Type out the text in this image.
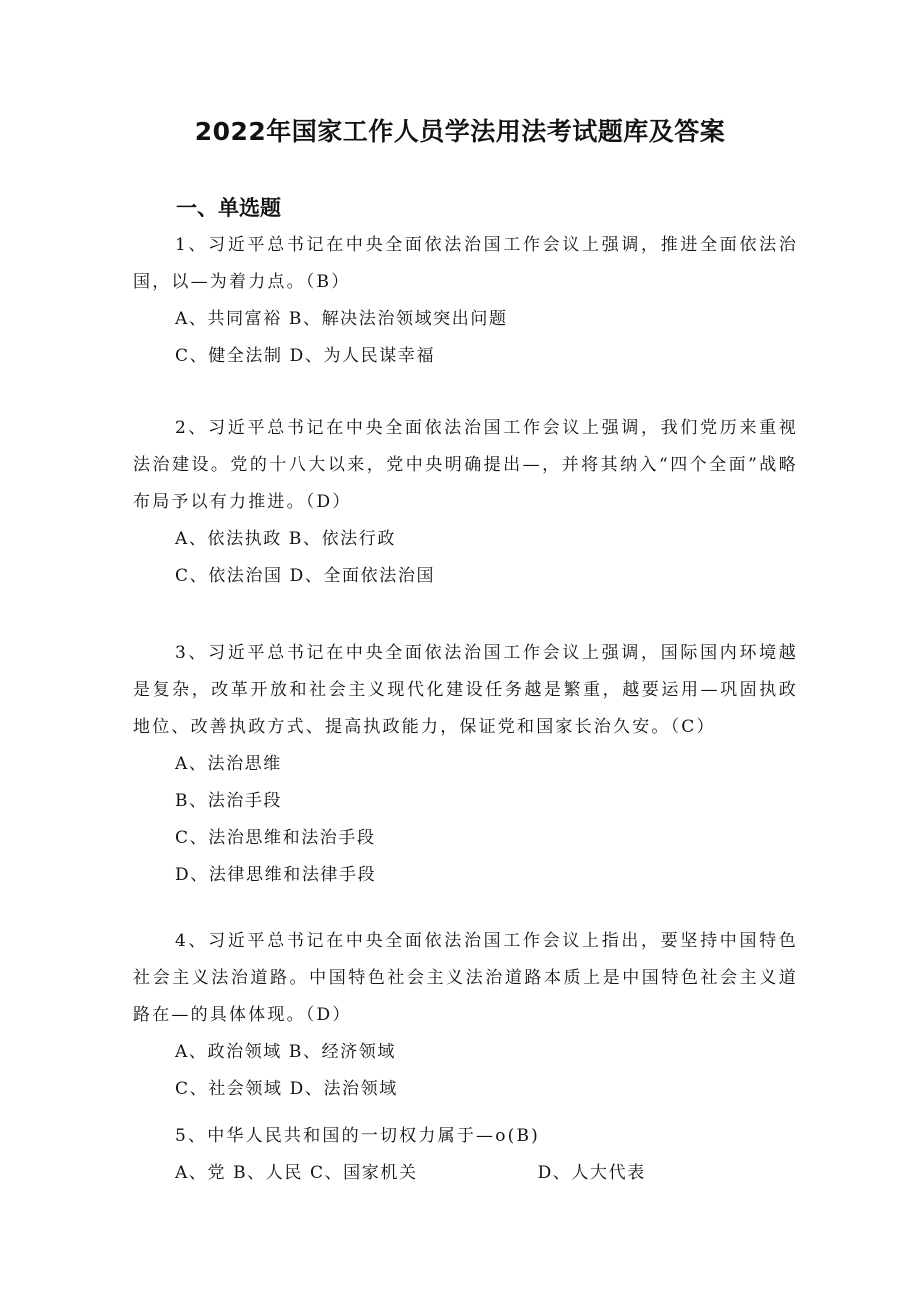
2022年国家工作人员学法用法考试题库及答案
一、单选题

1、习近平总书记在中央全面依法治国工作会议上强调，推进全面依法治国，以—为着力点。（B）

A、共同富裕 B、解决法治领域突出问题

C、健全法制 D、为人民谋幸福

2、习近平总书记在中央全面依法治国工作会议上强调，我们党历来重视法治建设。党的十八大以来，党中央明确提出—，并将其纳入“四个全面”战略布局予以有力推进。（D）

A、依法执政 B、依法行政

C、依法治国 D、全面依法治国

3、习近平总书记在中央全面依法治国工作会议上强调，国际国内环境越是复杂，改革开放和社会主义现代化建设任务越是繁重，越要运用—巩固执政地位、改善执政方式、提高执政能力，保证党和国家长治久安。（C）

A、法治思维

B、法治手段

C、法治思维和法治手段

D、法律思维和法律手段

4、习近平总书记在中央全面依法治国工作会议上指出，要坚持中国特色社会主义法治道路。中国特色社会主义法治道路本质上是中国特色社会主义道路在—的具体体现。（D）

A、政治领域 B、经济领域

C、社会领域 D、法治领域

5、中华人民共和国的一切权力属于—o(B)

A、党 B、人民 C、国家机关	D、人大代表
